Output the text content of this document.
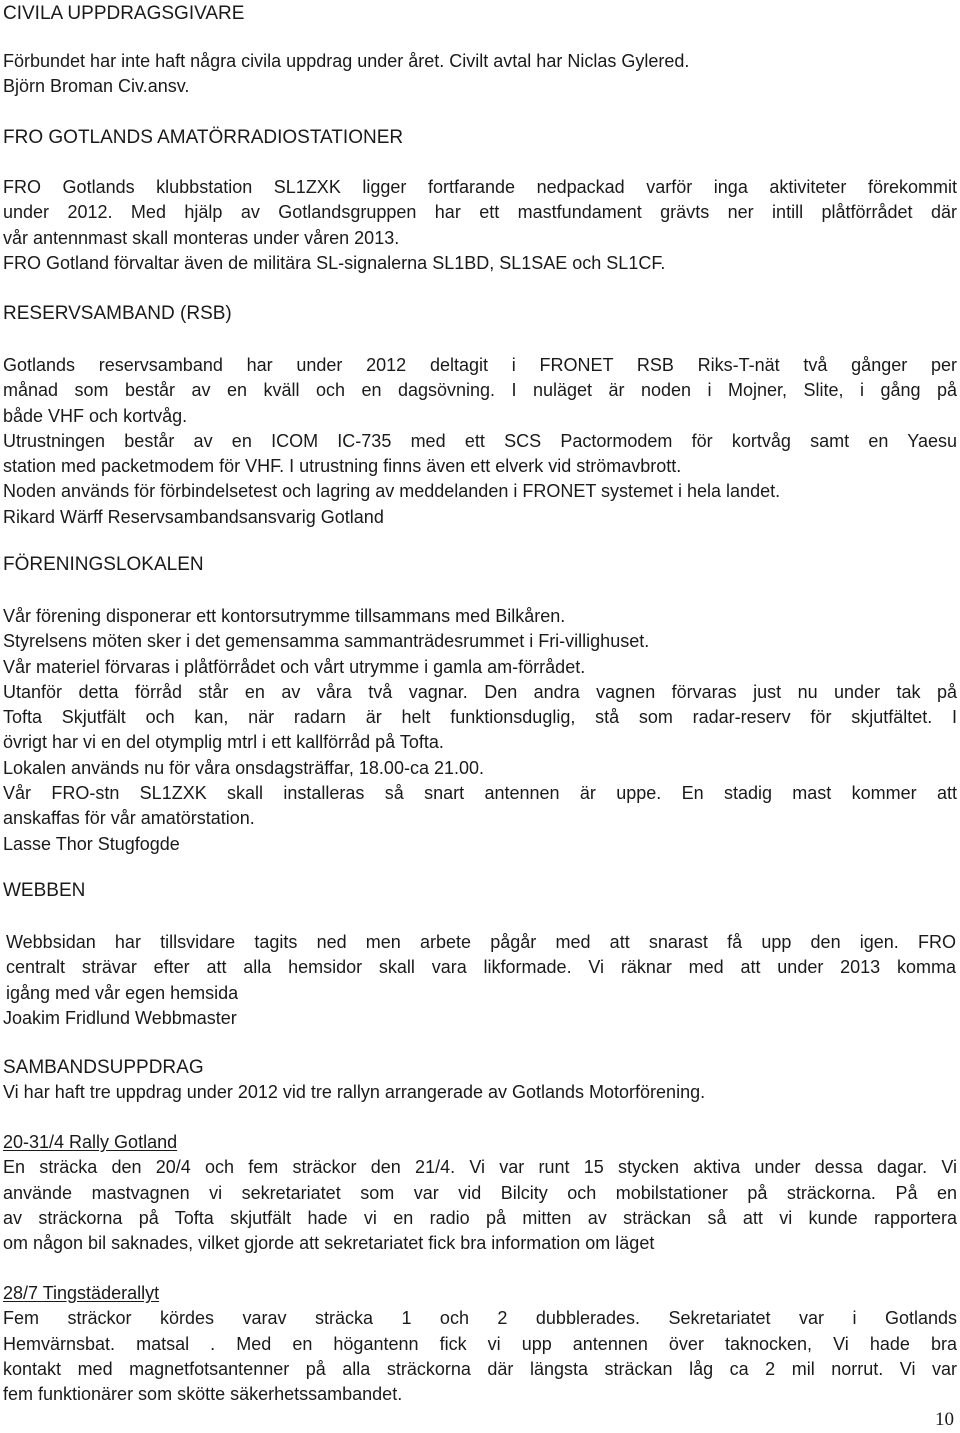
CIVILA UPPDRAGSGIVARE
Förbundet har inte haft några civila uppdrag under året. Civilt avtal har Niclas Gylered.
Björn Broman Civ.ansv.
FRO GOTLANDS AMATÖRRADIOSTATIONER
FRO Gotlands klubbstation SL1ZXK ligger fortfarande nedpackad varför inga aktiviteter förekommit
under 2012. Med hjälp av Gotlandsgruppen har ett mastfundament grävts ner intill plåtförrådet där
vår antennmast skall monteras under våren 2013.
FRO Gotland förvaltar även de militära SL-signalerna SL1BD, SL1SAE och SL1CF.
RESERVSAMBAND (RSB)
Gotlands reservsamband har under 2012 deltagit i FRONET RSB Riks-T-nät två gånger per
månad som består av en kväll och en dagsövning. I nuläget är noden i Mojner, Slite, i gång på
både VHF och kortvåg.
Utrustningen består av en ICOM IC-735 med ett SCS Pactormodem för kortvåg samt en Yaesu
station med packetmodem för VHF. I utrustning finns även ett elverk vid strömavbrott.
Noden används för förbindelsetest och lagring av meddelanden i FRONET systemet i hela landet.
Rikard Wärff Reservsambandsansvarig Gotland
FÖRENINGSLOKALEN
Vår förening disponerar ett kontorsutrymme tillsammans med Bilkåren.
Styrelsens möten sker i det gemensamma sammanträdesrummet i Fri-villighuset.
Vår materiel förvaras i plåtförrådet och vårt utrymme i gamla am-förrådet.
Utanför detta förråd står en av våra två vagnar. Den andra vagnen förvaras just nu under tak på
Tofta Skjutfält och kan, när radarn är helt funktionsduglig, stå som radar-reserv för skjutfältet. I
övrigt har vi en del otymplig mtrl i ett kallförråd på Tofta.
Lokalen används nu för våra onsdagsträffar, 18.00-ca 21.00.
Vår FRO-stn SL1ZXK skall installeras så snart antennen är uppe. En stadig mast kommer att
anskaffas för vår amatörstation.
Lasse Thor Stugfogde
WEBBEN
Webbsidan har tillsvidare tagits ned men arbete pågår med att snarast få upp den igen. FRO
centralt strävar efter att alla hemsidor skall vara likformade. Vi räknar med att under 2013 komma
igång med vår egen hemsida
Joakim Fridlund Webbmaster
SAMBANDSUPPDRAG
Vi har haft tre uppdrag under 2012 vid tre rallyn arrangerade av Gotlands Motorförening.
20-31/4 Rally Gotland
En sträcka den 20/4 och fem sträckor den 21/4. Vi var runt 15 stycken aktiva under dessa dagar. Vi
använde mastvagnen vi sekretariatet som var vid Bilcity och mobilstationer på sträckorna. På en
av sträckorna på Tofta skjutfält hade vi en radio på mitten av sträckan så att vi kunde rapportera
om någon bil saknades, vilket gjorde att sekretariatet fick bra information om läget
28/7 Tingstäderallyt
Fem sträckor kördes varav sträcka 1 och 2 dubblerades. Sekretariatet var i Gotlands
Hemvärnsbat. matsal . Med en högantenn fick vi upp antennen över taknocken, Vi hade bra
kontakt med magnetfotsantenner på alla sträckorna där längsta sträckan låg ca 2 mil norrut. Vi var
fem funktionärer som skötte säkerhetssambandet.
10
